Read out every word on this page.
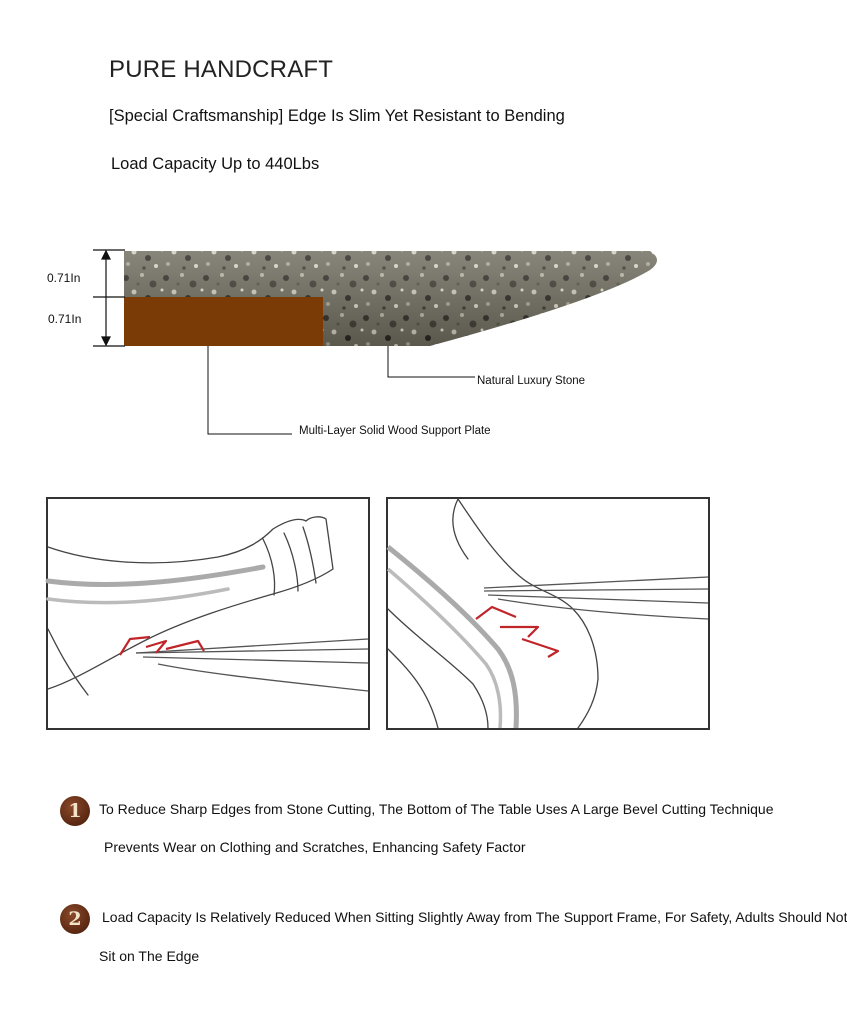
PURE HANDCRAFT
[Special Craftsmanship] Edge Is Slim Yet Resistant to Bending
Load Capacity Up to 440Lbs
0.71In
0.71In
Natural Luxury Stone
Multi-Layer Solid Wood Support Plate
1	To Reduce Sharp Edges from Stone Cutting, The Bottom of The Table Uses A Large Bevel Cutting Technique
Prevents Wear on Clothing and Scratches, Enhancing Safety Factor
2	Load Capacity Is Relatively Reduced When Sitting Slightly Away from The Support Frame, For Safety, Adults Should Not
Sit on The Edge
